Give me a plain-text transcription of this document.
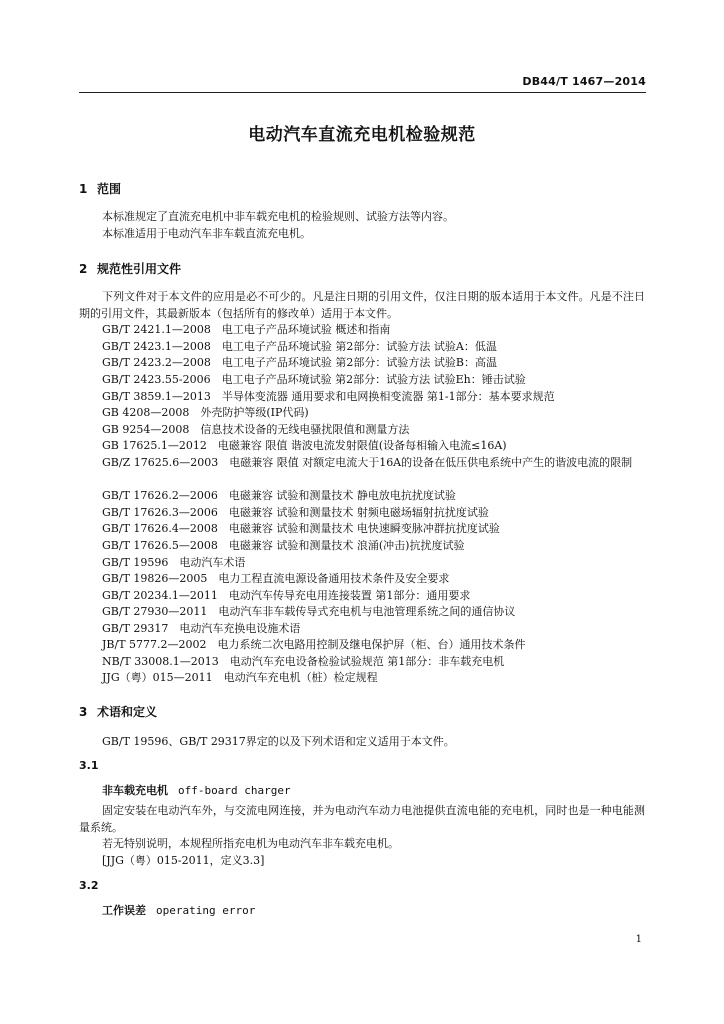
DB44/T 1467—2014
电动汽车直流充电机检验规范
1 范围
本标准规定了直流充电机中非车载充电机的检验规则、试验方法等内容。
本标准适用于电动汽车非车载直流充电机。
2 规范性引用文件
下列文件对于本文件的应用是必不可少的。凡是注日期的引用文件，仅注日期的版本适用于本文件。凡是不注日期的引用文件，其最新版本（包括所有的修改单）适用于本文件。
GB/T 2421.1—2008　电工电子产品环境试验 概述和指南
GB/T 2423.1—2008　电工电子产品环境试验 第2部分：试验方法 试验A：低温
GB/T 2423.2—2008　电工电子产品环境试验 第2部分：试验方法 试验B：高温
GB/T 2423.55-2006　电工电子产品环境试验 第2部分：试验方法 试验Eh：锤击试验
GB/T 3859.1—2013　半导体变流器 通用要求和电网换相变流器 第1-1部分：基本要求规范
GB 4208—2008　外壳防护等级(IP代码)
GB 9254—2008　信息技术设备的无线电骚扰限值和测量方法
GB 17625.1—2012　电磁兼容 限值 谐波电流发射限值(设备每相输入电流≤16A)
GB/Z 17625.6—2003　电磁兼容 限值 对额定电流大于16A的设备在低压供电系统中产生的谐波电流的限制
GB/T 17626.2—2006　电磁兼容 试验和测量技术 静电放电抗扰度试验
GB/T 17626.3—2006　电磁兼容 试验和测量技术 射频电磁场辐射抗扰度试验
GB/T 17626.4—2008　电磁兼容 试验和测量技术 电快速瞬变脉冲群抗扰度试验
GB/T 17626.5—2008　电磁兼容 试验和测量技术 浪涌(冲击)抗扰度试验
GB/T 19596　电动汽车术语
GB/T 19826—2005　电力工程直流电源设备通用技术条件及安全要求
GB/T 20234.1—2011　电动汽车传导充电用连接装置 第1部分：通用要求
GB/T 27930—2011　电动汽车非车载传导式充电机与电池管理系统之间的通信协议
GB/T 29317　电动汽车充换电设施术语
JB/T 5777.2—2002　电力系统二次电路用控制及继电保护屏（柜、台）通用技术条件
NB/T 33008.1—2013　电动汽车充电设备检验试验规范 第1部分：非车载充电机
JJG（粤）015—2011　电动汽车充电机（桩）检定规程
3 术语和定义
GB/T 19596、GB/T 29317界定的以及下列术语和定义适用于本文件。
3.1
非车载充电机 off-board charger
固定安装在电动汽车外，与交流电网连接，并为电动汽车动力电池提供直流电能的充电机，同时也是一种电能测量系统。
若无特别说明，本规程所指充电机为电动汽车非车载充电机。
[JJG（粤）015-2011，定义3.3]
3.2
工作误差 operating error
1
